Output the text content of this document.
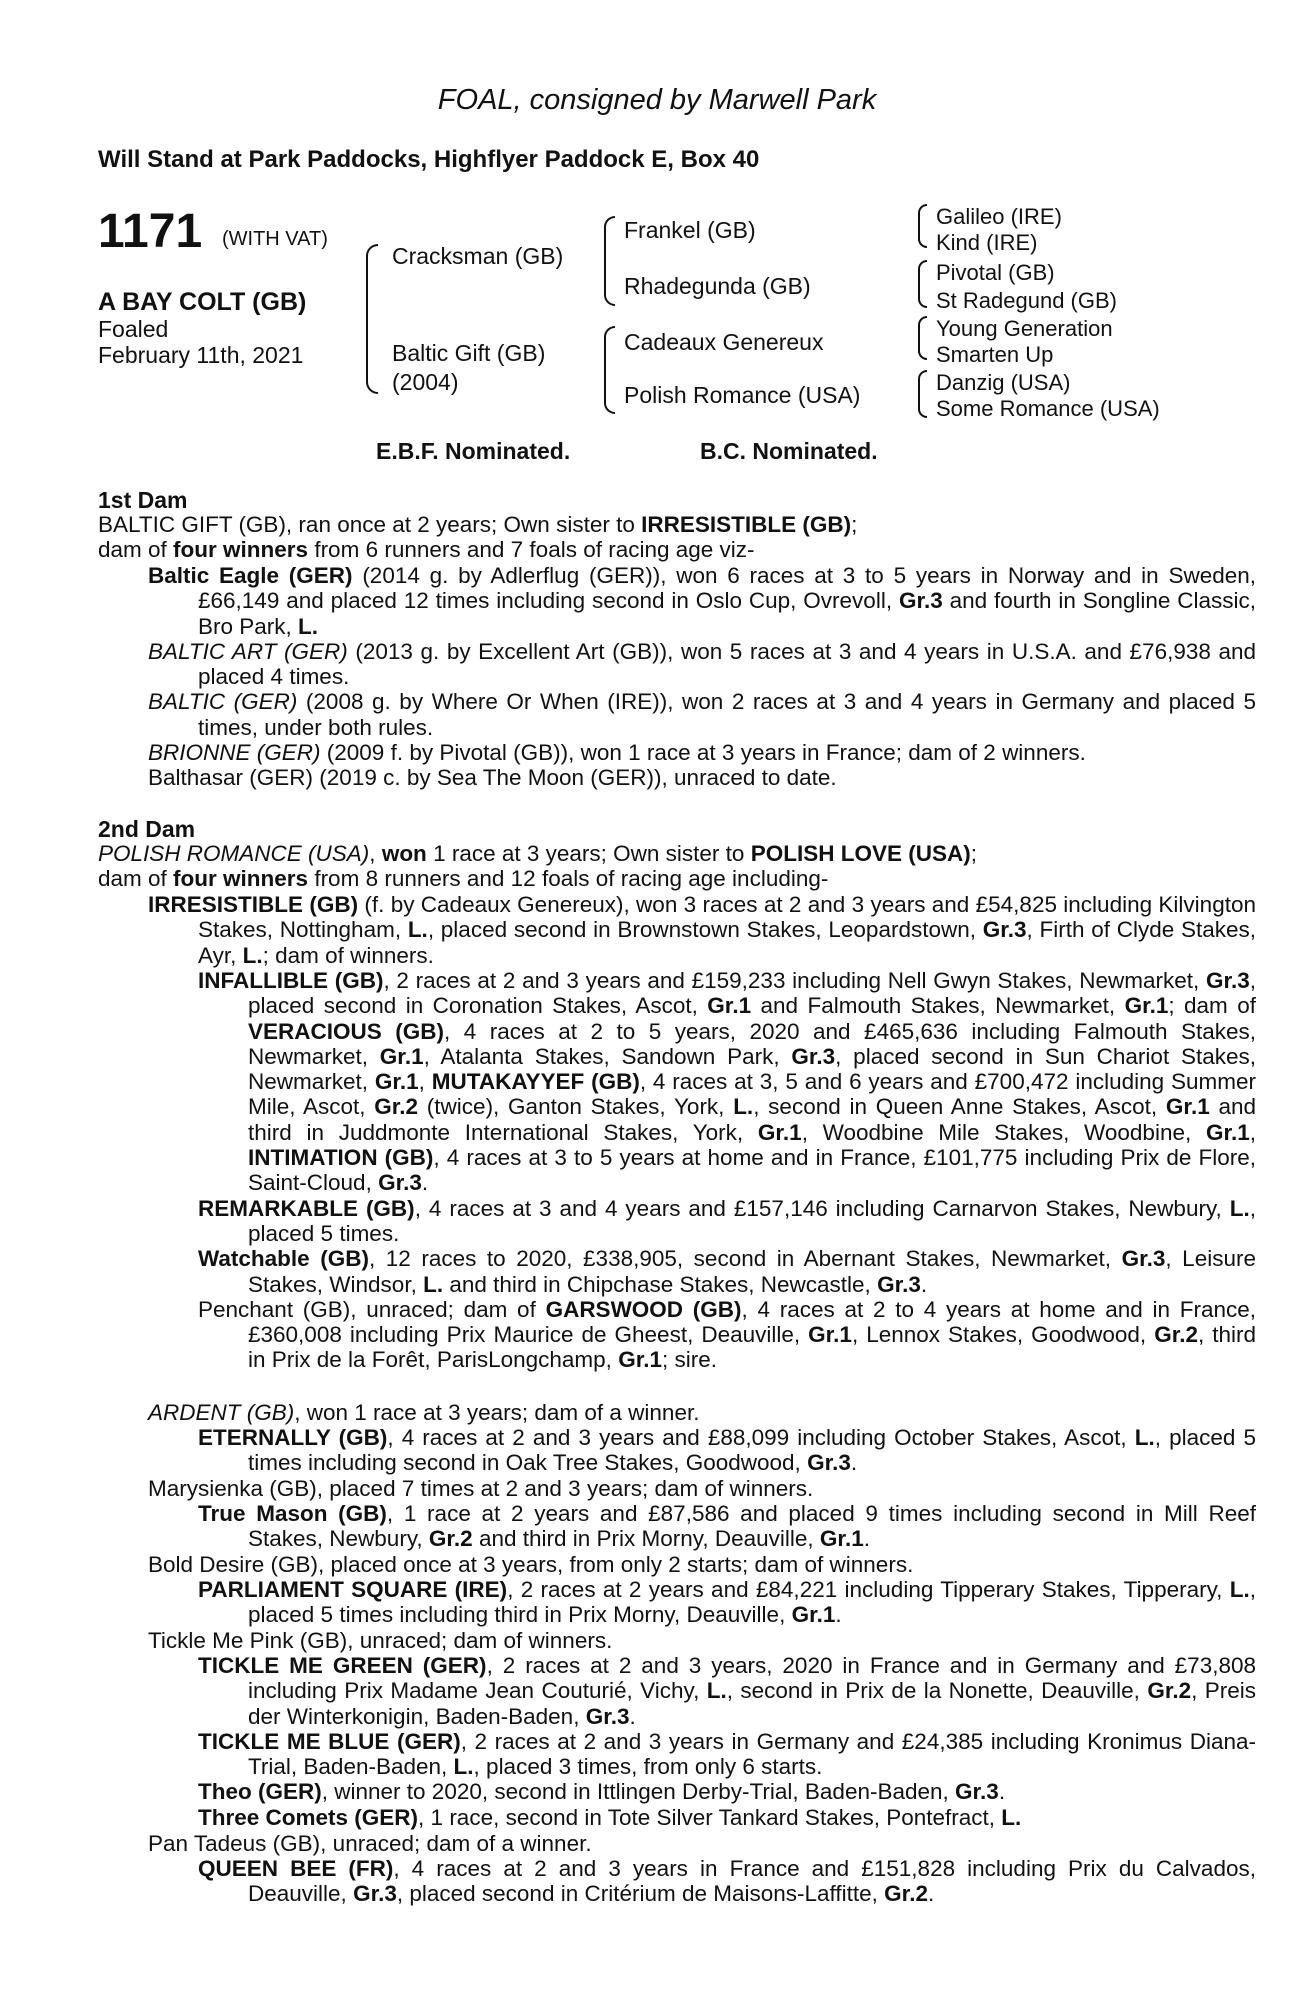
FOAL, consigned by Marwell Park
Will Stand at Park Paddocks, Highflyer Paddock E, Box 40
1171 (WITH VAT)
A BAY COLT (GB)
Foaled
February 11th, 2021
Cracksman (GB)
Baltic Gift (GB)
(2004)
Frankel (GB)
Rhadegunda (GB)
Cadeaux Genereux
Polish Romance (USA)
Galileo (IRE)
Kind (IRE)
Pivotal (GB)
St Radegund (GB)
Young Generation
Smarten Up
Danzig (USA)
Some Romance (USA)
E.B.F. Nominated.	B.C. Nominated.
1st Dam

BALTIC GIFT (GB), ran once at 2 years; Own sister to IRRESISTIBLE (GB);

dam of four winners from 6 runners and 7 foals of racing age viz-

Baltic Eagle (GER) (2014 g. by Adlerflug (GER)), won 6 races at 3 to 5 years in Norway and in Sweden, £66,149 and placed 12 times including second in Oslo Cup, Ovrevoll, Gr.3 and fourth in Songline Classic, Bro Park, L.

BALTIC ART (GER) (2013 g. by Excellent Art (GB)), won 5 races at 3 and 4 years in U.S.A. and £76,938 and placed 4 times.

BALTIC (GER) (2008 g. by Where Or When (IRE)), won 2 races at 3 and 4 years in Germany and placed 5 times, under both rules.

BRIONNE (GER) (2009 f. by Pivotal (GB)), won 1 race at 3 years in France; dam of 2 winners.

Balthasar (GER) (2019 c. by Sea The Moon (GER)), unraced to date.

2nd Dam

POLISH ROMANCE (USA), won 1 race at 3 years; Own sister to POLISH LOVE (USA);

dam of four winners from 8 runners and 12 foals of racing age including-

IRRESISTIBLE (GB) (f. by Cadeaux Genereux), won 3 races at 2 and 3 years and £54,825 including Kilvington Stakes, Nottingham, L., placed second in Brownstown Stakes, Leopardstown, Gr.3, Firth of Clyde Stakes, Ayr, L.; dam of winners.

INFALLIBLE (GB), 2 races at 2 and 3 years and £159,233 including Nell Gwyn Stakes, Newmarket, Gr.3, placed second in Coronation Stakes, Ascot, Gr.1 and Falmouth Stakes, Newmarket, Gr.1; dam of VERACIOUS (GB), 4 races at 2 to 5 years, 2020 and £465,636 including Falmouth Stakes, Newmarket, Gr.1, Atalanta Stakes, Sandown Park, Gr.3, placed second in Sun Chariot Stakes, Newmarket, Gr.1, MUTAKAYYEF (GB), 4 races at 3, 5 and 6 years and £700,472 including Summer Mile, Ascot, Gr.2 (twice), Ganton Stakes, York, L., second in Queen Anne Stakes, Ascot, Gr.1 and third in Juddmonte International Stakes, York, Gr.1, Woodbine Mile Stakes, Woodbine, Gr.1, INTIMATION (GB), 4 races at 3 to 5 years at home and in France, £101,775 including Prix de Flore, Saint-Cloud, Gr.3.

REMARKABLE (GB), 4 races at 3 and 4 years and £157,146 including Carnarvon Stakes, Newbury, L., placed 5 times.

Watchable (GB), 12 races to 2020, £338,905, second in Abernant Stakes, Newmarket, Gr.3, Leisure Stakes, Windsor, L. and third in Chipchase Stakes, Newcastle, Gr.3.

Penchant (GB), unraced; dam of GARSWOOD (GB), 4 races at 2 to 4 years at home and in France, £360,008 including Prix Maurice de Gheest, Deauville, Gr.1, Lennox Stakes, Goodwood, Gr.2, third in Prix de la Forêt, ParisLongchamp, Gr.1; sire.

ARDENT (GB), won 1 race at 3 years; dam of a winner.

ETERNALLY (GB), 4 races at 2 and 3 years and £88,099 including October Stakes, Ascot, L., placed 5 times including second in Oak Tree Stakes, Goodwood, Gr.3.

Marysienka (GB), placed 7 times at 2 and 3 years; dam of winners.

True Mason (GB), 1 race at 2 years and £87,586 and placed 9 times including second in Mill Reef Stakes, Newbury, Gr.2 and third in Prix Morny, Deauville, Gr.1.

Bold Desire (GB), placed once at 3 years, from only 2 starts; dam of winners.

PARLIAMENT SQUARE (IRE), 2 races at 2 years and £84,221 including Tipperary Stakes, Tipperary, L., placed 5 times including third in Prix Morny, Deauville, Gr.1.

Tickle Me Pink (GB), unraced; dam of winners.

TICKLE ME GREEN (GER), 2 races at 2 and 3 years, 2020 in France and in Germany and £73,808 including Prix Madame Jean Couturié, Vichy, L., second in Prix de la Nonette, Deauville, Gr.2, Preis der Winterkonigin, Baden-Baden, Gr.3.

TICKLE ME BLUE (GER), 2 races at 2 and 3 years in Germany and £24,385 including Kronimus Diana-Trial, Baden-Baden, L., placed 3 times, from only 6 starts.

Theo (GER), winner to 2020, second in Ittlingen Derby-Trial, Baden-Baden, Gr.3.

Three Comets (GER), 1 race, second in Tote Silver Tankard Stakes, Pontefract, L.

Pan Tadeus (GB), unraced; dam of a winner.

QUEEN BEE (FR), 4 races at 2 and 3 years in France and £151,828 including Prix du Calvados, Deauville, Gr.3, placed second in Critérium de Maisons-Laffitte, Gr.2.
